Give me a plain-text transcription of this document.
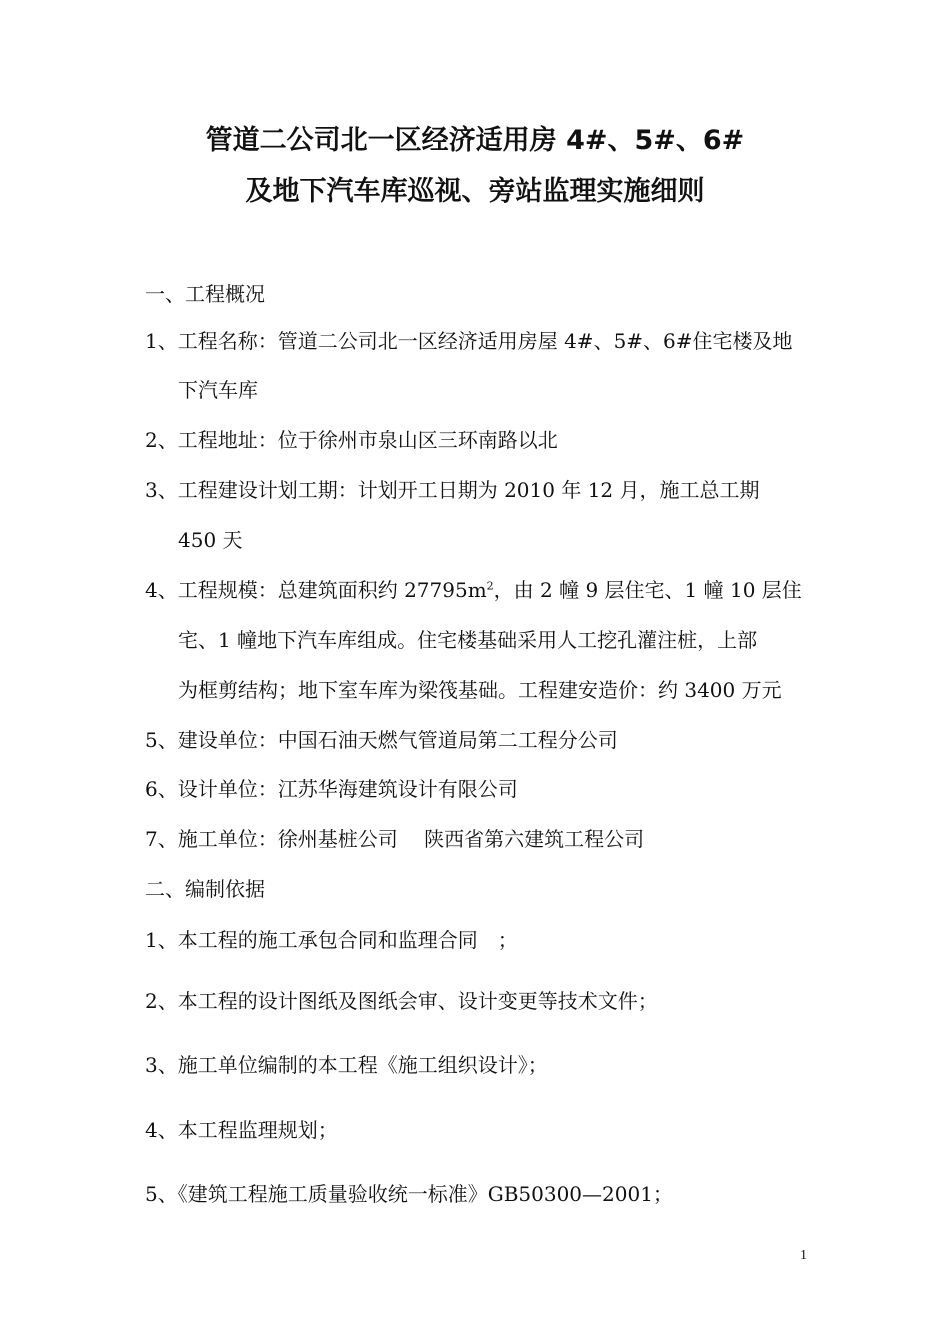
管道二公司北一区经济适用房 4#、5#、6#
及地下汽车库巡视、旁站监理实施细则
一、工程概况
1、工程名称：管道二公司北一区经济适用房屋 4#、5#、6#住宅楼及地
下汽车库
2、工程地址：位于徐州市泉山区三环南路以北
3、工程建设计划工期：计划开工日期为 2010 年 12 月，施工总工期
450 天
4、工程规模：总建筑面积约 $27795m^2$，由 2 幢 9 层住宅、1 幢 10 层住
宅、1 幢地下汽车库组成。住宅楼基础采用人工挖孔灌注桩，上部
为框剪结构；地下室车库为梁筏基础。工程建安造价：约 3400 万元
5、建设单位：中国石油天燃气管道局第二工程分公司
6、设计单位：江苏华海建筑设计有限公司
7、施工单位：徐州基桩公司　 陕西省第六建筑工程公司
二、编制依据
1、本工程的施工承包合同和监理合同　；
2、本工程的设计图纸及图纸会审、设计变更等技术文件；
3、施工单位编制的本工程《施工组织设计》；
4、本工程监理规划；
5、《建筑工程施工质量验收统一标准》GB50300—2001；
1
